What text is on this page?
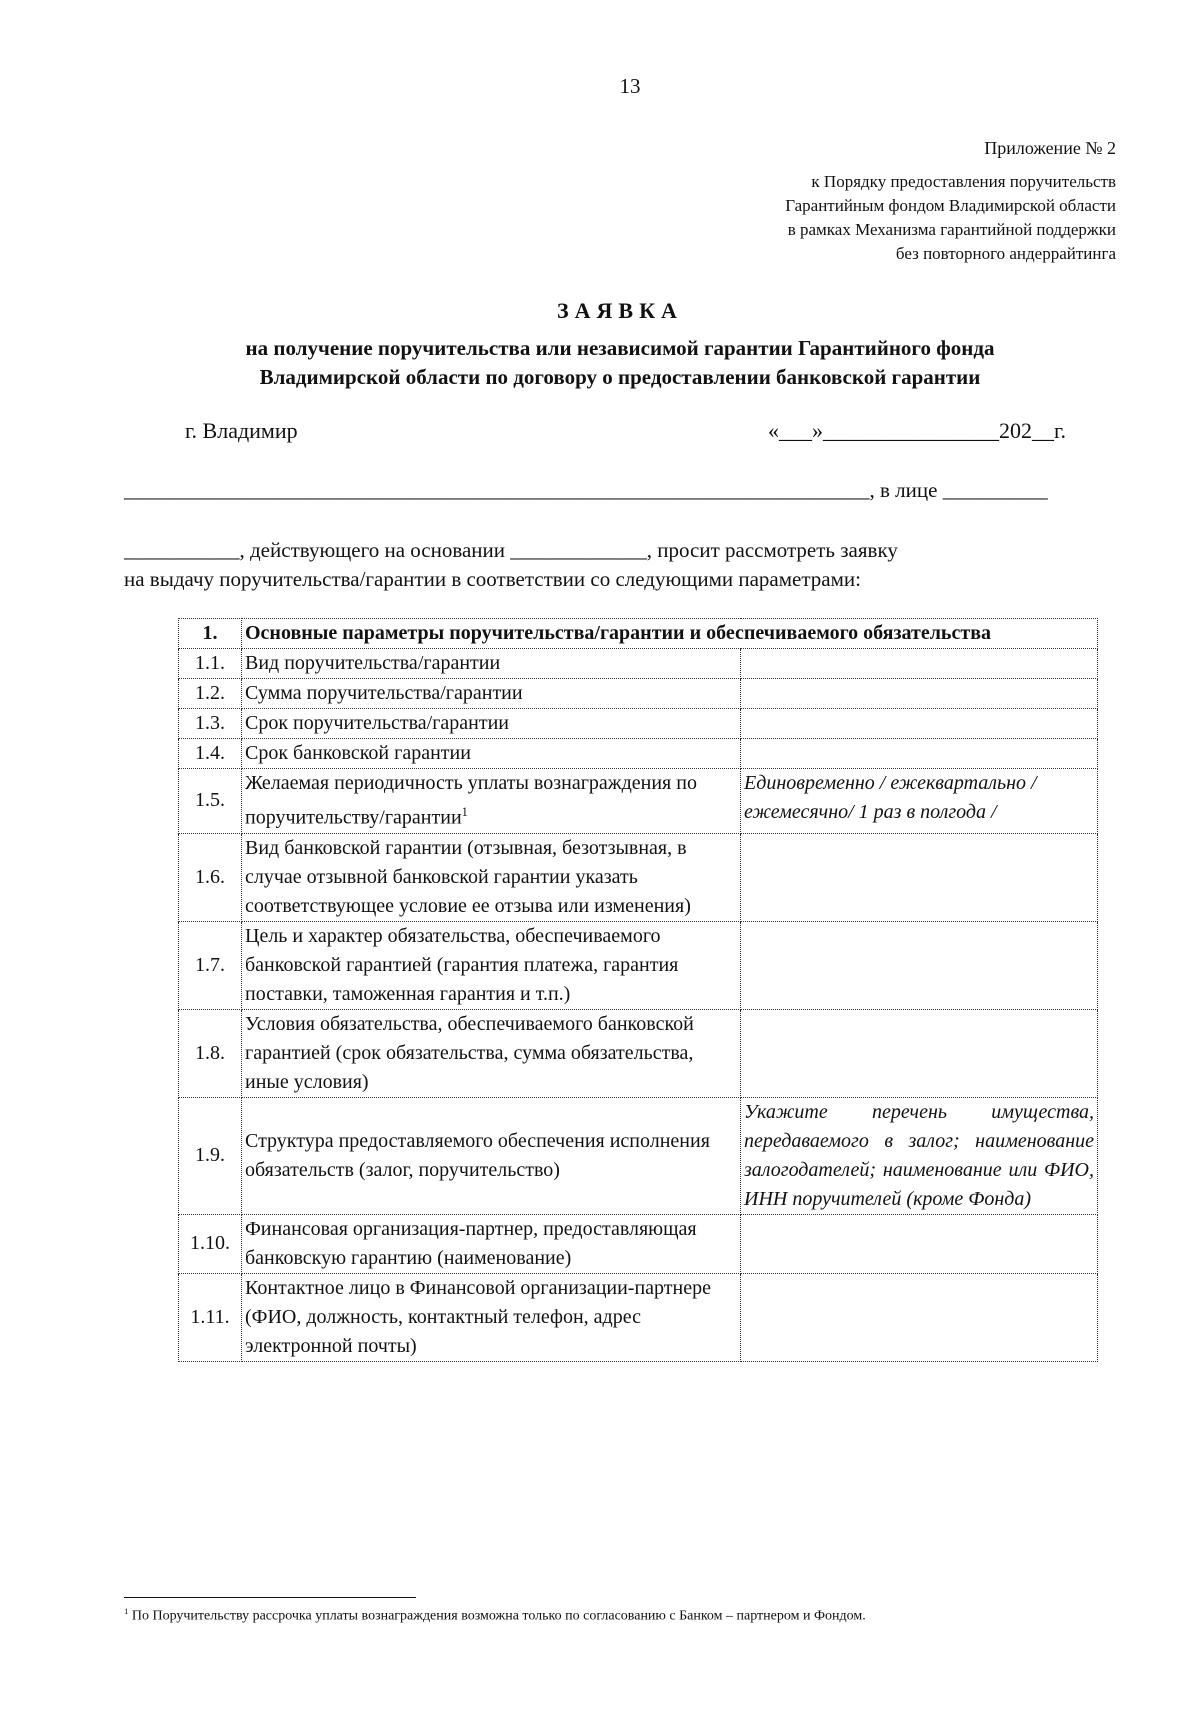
13
Приложение № 2
к Порядку предоставления поручительств
Гарантийным фондом Владимирской области
в рамках Механизма гарантийной поддержки
без повторного андеррайтинга
ЗАЯВКА
на получение поручительства или независимой гарантии Гарантийного фонда
Владимирской области по договору о предоставлении банковской гарантии
г. Владимир	«___»________________202__г.
_______________________________________________________________________, в лице __________
___________, действующего на основании _____________, просит рассмотреть заявку
на выдачу поручительства/гарантии в соответствии со следующими параметрами:
1.	Основные параметры поручительства/гарантии и обеспечиваемого обязательства	
1.1.	Вид поручительства/гарантии	
1.2.	Сумма поручительства/гарантии	
1.3.	Срок поручительства/гарантии	
1.4.	Срок банковской гарантии	
1.5.	Желаемая периодичность уплаты вознаграждения по поручительству/гарантии$^1$	Единовременно / ежеквартально / ежемесячно/ 1 раз в полгода /
1.6.	Вид банковской гарантии (отзывная, безотзывная, в случае отзывной банковской гарантии указать соответствующее условие ее отзыва или изменения)	
1.7.	Цель и характер обязательства, обеспечиваемого банковской гарантией (гарантия платежа, гарантия поставки, таможенная гарантия и т.п.)	
1.8.	Условия обязательства, обеспечиваемого банковской гарантией (срок обязательства, сумма обязательства, иные условия)	
1.9.	Структура предоставляемого обеспечения исполнения обязательств (залог, поручительство)	Укажите перечень имущества, передаваемого в залог; наименование залогодателей; наименование или ФИО, ИНН поручителей (кроме Фонда)
1.10.	Финансовая организация-партнер, предоставляющая банковскую гарантию (наименование)	
1.11.	Контактное лицо в Финансовой организации-партнере (ФИО, должность, контактный телефон, адрес электронной почты)	
$^1$ По Поручительству рассрочка уплаты вознаграждения возможна только по согласованию с Банком – партнером и Фондом.
